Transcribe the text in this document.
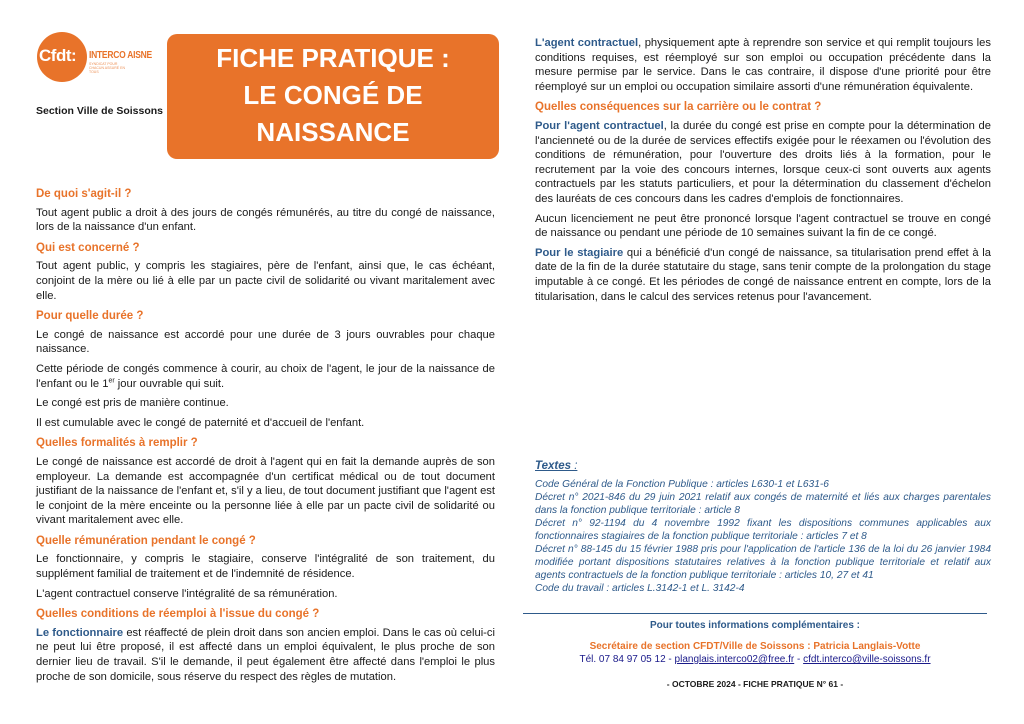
Cfdt: INTERCO AISNE
SYNDICAT POUR CHACUN ASSURÉ EN TOUS
Section Ville de Soissons
FICHE PRATIQUE :
LE CONGÉ DE
NAISSANCE
De quoi s'agit-il ?
Tout agent public a droit à des jours de congés rémunérés, au titre du congé de naissance, lors de la naissance d'un enfant.
Qui est concerné ?
Tout agent public, y compris les stagiaires, père de l'enfant, ainsi que, le cas échéant, conjoint de la mère ou lié à elle par un pacte civil de solidarité ou vivant maritalement avec elle.
Pour quelle durée ?
Le congé de naissance est accordé pour une durée de 3 jours ouvrables pour chaque naissance.
Cette période de congés commence à courir, au choix de l'agent, le jour de la naissance de l'enfant ou le 1er jour ouvrable qui suit.
Le congé est pris de manière continue.
Il est cumulable avec le congé de paternité et d'accueil de l'enfant.
Quelles formalités à remplir ?
Le congé de naissance est accordé de droit à l'agent qui en fait la demande auprès de son employeur. La demande est accompagnée d'un certificat médical ou de tout document justifiant de la naissance de l'enfant et, s'il y a lieu, de tout document justifiant que l'agent est le conjoint de la mère enceinte ou la personne liée à elle par un pacte civil de solidarité ou vivant maritalement avec elle.
Quelle rémunération pendant le congé ?
Le fonctionnaire, y compris le stagiaire, conserve l'intégralité de son traitement, du supplément familial de traitement et de l'indemnité de résidence.
L'agent contractuel conserve l'intégralité de sa rémunération.
Quelles conditions de réemploi à l'issue du congé ?
Le fonctionnaire est réaffecté de plein droit dans son ancien emploi. Dans le cas où celui-ci ne peut lui être proposé, il est affecté dans un emploi équivalent, le plus proche de son dernier lieu de travail. S'il le demande, il peut également être affecté dans l'emploi le plus proche de son domicile, sous réserve du respect des règles de mutation.
L'agent contractuel, physiquement apte à reprendre son service et qui remplit toujours les conditions requises, est réemployé sur son emploi ou occupation précédente dans la mesure permise par le service. Dans le cas contraire, il dispose d'une priorité pour être réemployé sur un emploi ou occupation similaire assorti d'une rémunération équivalente.
Quelles conséquences sur la carrière ou le contrat ?
Pour l'agent contractuel, la durée du congé est prise en compte pour la détermination de l'ancienneté ou de la durée de services effectifs exigée pour le réexamen ou l'évolution des conditions de rémunération, pour l'ouverture des droits liés à la formation, pour le recrutement par la voie des concours internes, lorsque ceux-ci sont ouverts aux agents contractuels par les statuts particuliers, et pour la détermination du classement d'échelon des lauréats de ces concours dans les cadres d'emplois de fonctionnaires.
Aucun licenciement ne peut être prononcé lorsque l'agent contractuel se trouve en congé de naissance ou pendant une période de 10 semaines suivant la fin de ce congé.
Pour le stagiaire qui a bénéficié d'un congé de naissance, sa titularisation prend effet à la date de la fin de la durée statutaire du stage, sans tenir compte de la prolongation du stage imputable à ce congé. Et les périodes de congé de naissance entrent en compte, lors de la titularisation, dans le calcul des services retenus pour l'avancement.
Textes :
Code Général de la Fonction Publique : articles L630-1 et L631-6
Décret n° 2021-846 du 29 juin 2021 relatif aux congés de maternité et liés aux charges parentales dans la fonction publique territoriale : article 8
Décret n° 92-1194 du 4 novembre 1992 fixant les dispositions communes applicables aux fonctionnaires stagiaires de la fonction publique territoriale : articles 7 et 8
Décret n° 88-145 du 15 février 1988 pris pour l'application de l'article 136 de la loi du 26 janvier 1984 modifiée portant dispositions statutaires relatives à la fonction publique territoriale et relatif aux agents contractuels de la fonction publique territoriale : articles 10, 27 et 41
Code du travail : articles L.3142-1 et L. 3142-4
Pour toutes informations complémentaires :
Secrétaire de section CFDT/Ville de Soissons : Patricia Langlais-Votte
Tél. 07 84 97 05 12 - planglais.interco02@free.fr - cfdt.interco@ville-soissons.fr
- OCTOBRE 2024 - FICHE PRATIQUE N° 61 -
